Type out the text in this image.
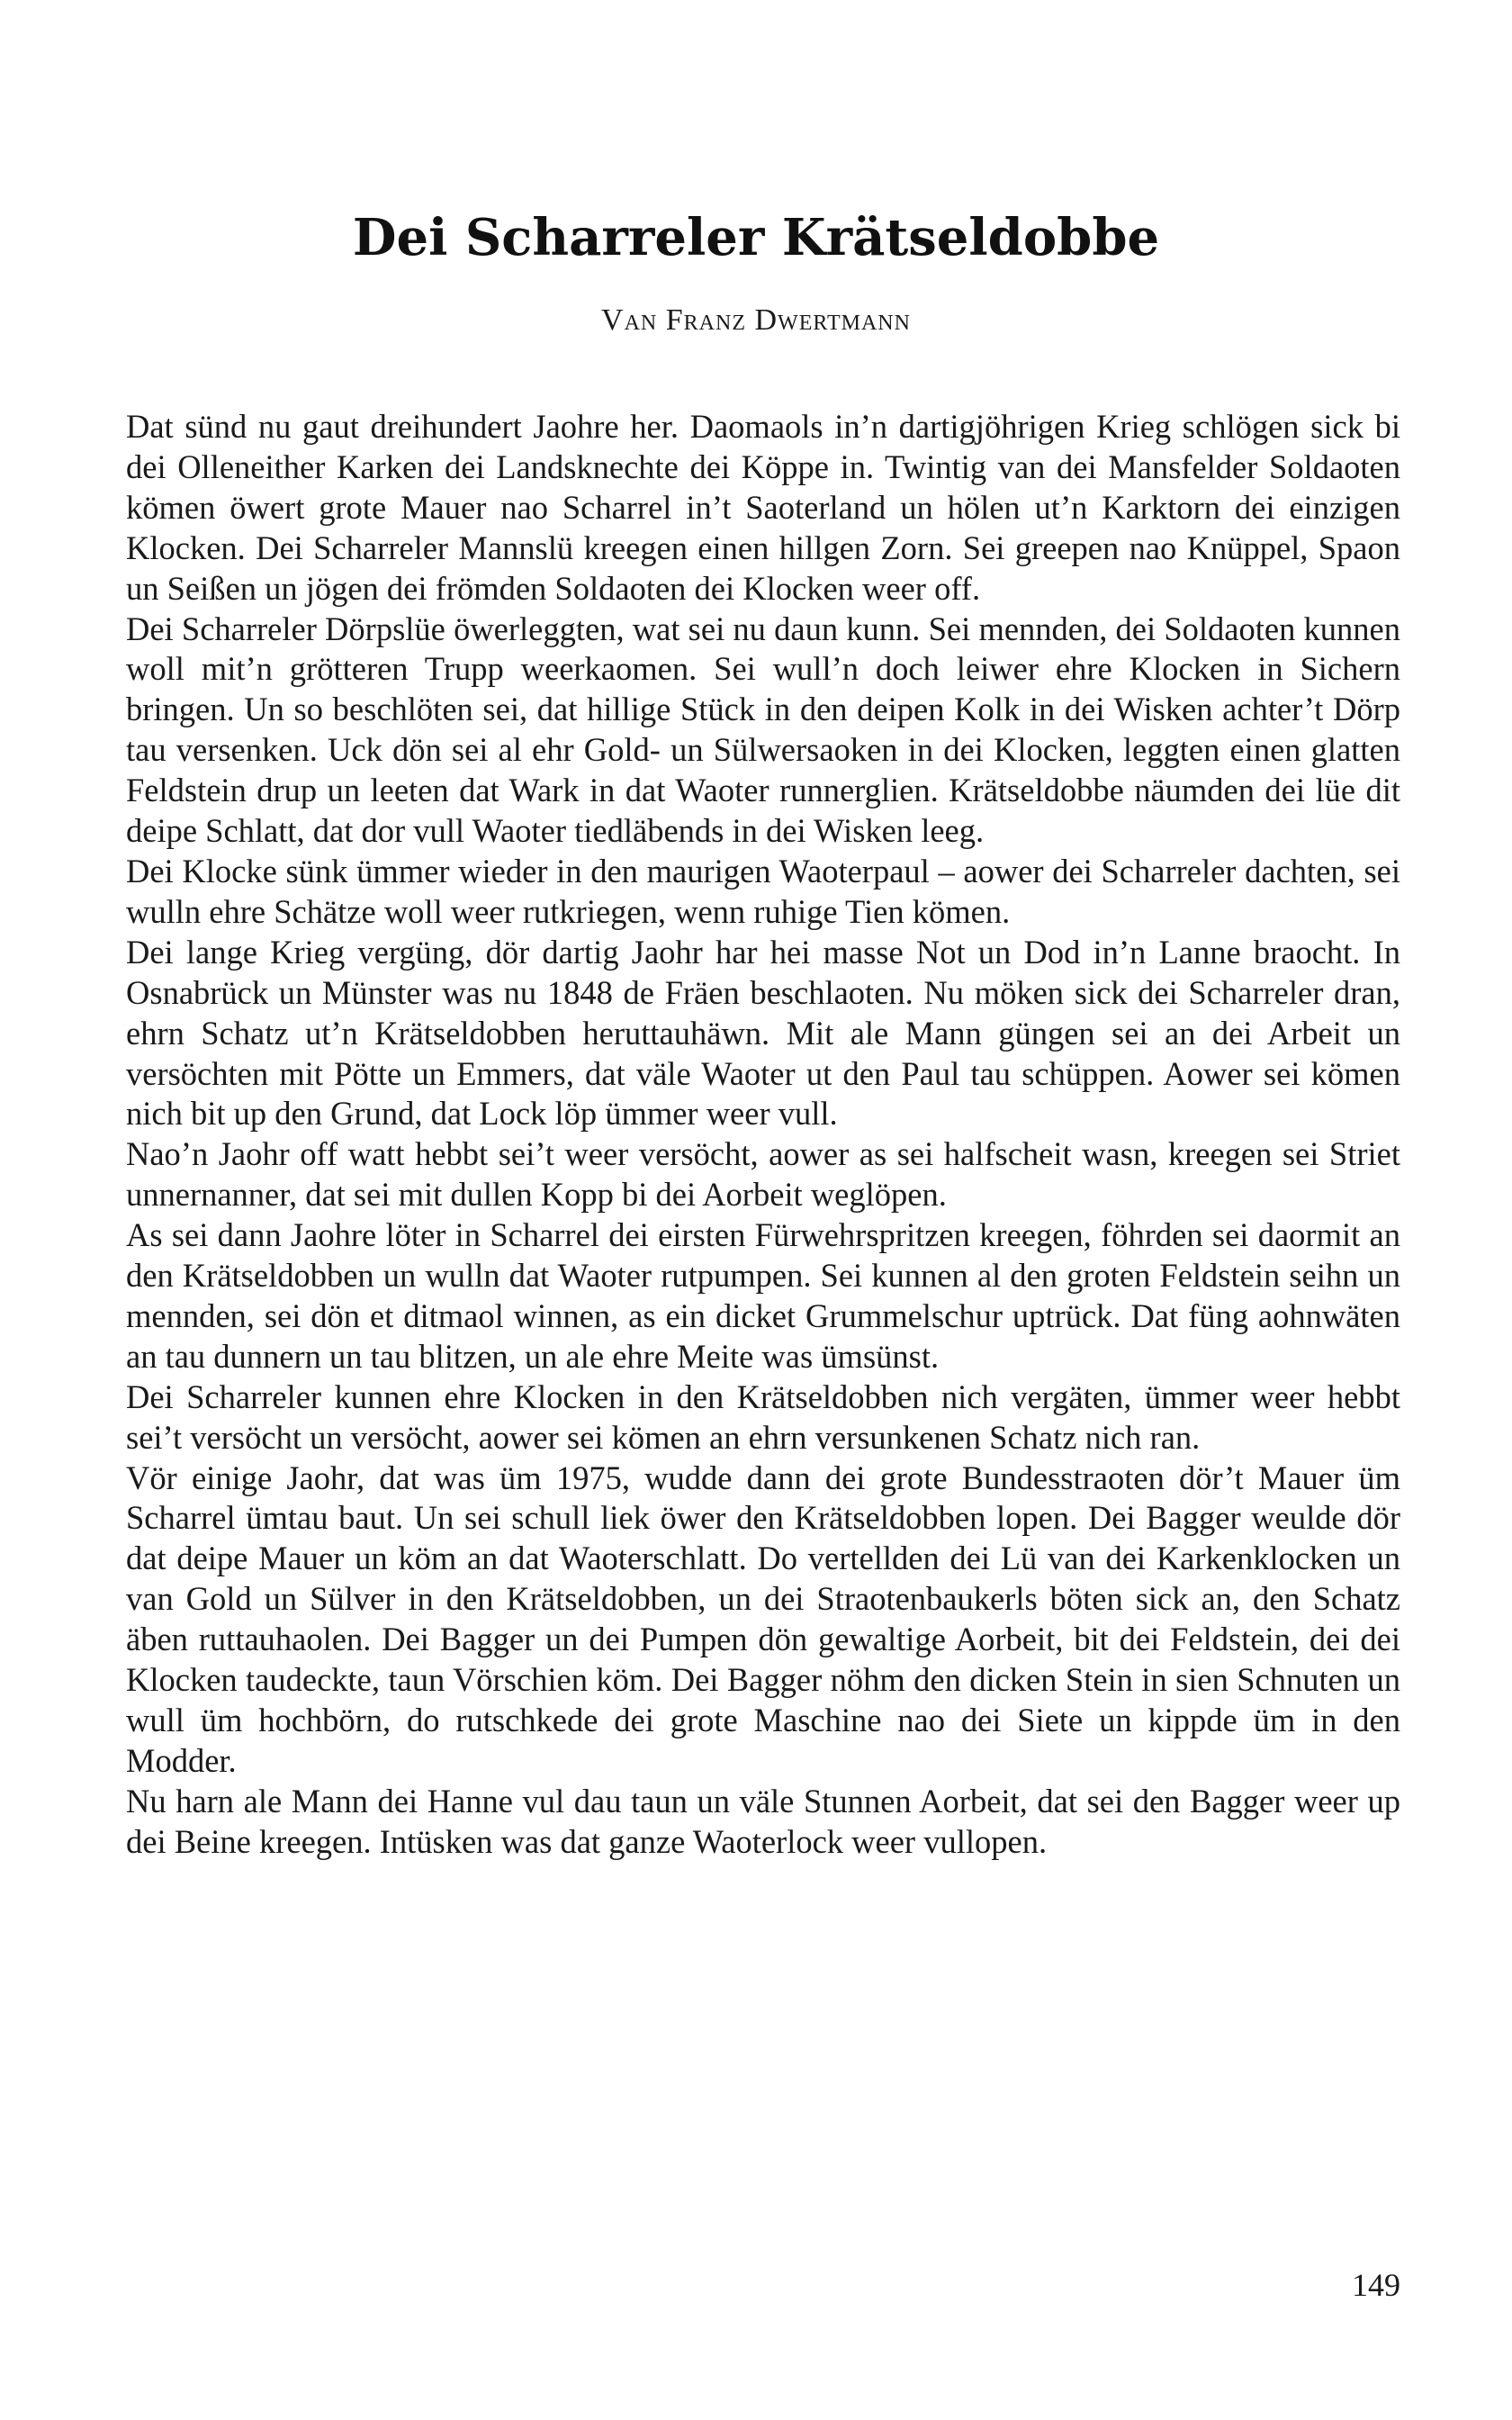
Dei Scharreler Krätseldobbe
Van Franz Dwertmann

Dat sünd nu gaut dreihundert Jaohre her. Daomaols in’n dartigjöhrigen Krieg schlögen sick bi dei Olleneither Karken dei Landsknechte dei Köppe in. Twintig van dei Mansfelder Soldaoten kömen öwert grote Mauer nao Scharrel in’t Saoterland un hölen ut’n Karktorn dei einzigen Klocken. Dei Scharreler Mannslü kreegen einen hillgen Zorn. Sei greepen nao Knüppel, Spaon un Seißen un jögen dei frömden Soldaoten dei Klocken weer off.

Dei Scharreler Dörpslüe öwerleggten, wat sei nu daun kunn. Sei mennden, dei Soldaoten kunnen woll mit’n grötteren Trupp weerkaomen. Sei wull’n doch leiwer ehre Klocken in Sichern bringen. Un so beschlöten sei, dat hillige Stück in den deipen Kolk in dei Wisken achter’t Dörp tau versenken. Uck dön sei al ehr Gold- un Sülwersaoken in dei Klocken, leggten einen glatten Feldstein drup un leeten dat Wark in dat Waoter runnerglien. Krätseldobbe näumden dei lüe dit deipe Schlatt, dat dor vull Waoter tiedläbends in dei Wisken leeg.

Dei Klocke sünk ümmer wieder in den maurigen Waoterpaul – aower dei Scharreler dachten, sei wulln ehre Schätze woll weer rutkriegen, wenn ruhige Tien kömen.

Dei lange Krieg vergüng, dör dartig Jaohr har hei masse Not un Dod in’n Lanne braocht. In Osnabrück un Münster was nu 1848 de Fräen beschlaoten. Nu möken sick dei Scharreler dran, ehrn Schatz ut’n Krätseldobben heruttauhäwn. Mit ale Mann güngen sei an dei Arbeit un versöchten mit Pötte un Emmers, dat väle Waoter ut den Paul tau schüppen. Aower sei kömen nich bit up den Grund, dat Lock löp ümmer weer vull.

Nao’n Jaohr off watt hebbt sei’t weer versöcht, aower as sei halfscheit wasn, kreegen sei Striet unnernanner, dat sei mit dullen Kopp bi dei Aorbeit weglöpen.

As sei dann Jaohre löter in Scharrel dei eirsten Fürwehrspritzen kreegen, föhrden sei daormit an den Krätseldobben un wulln dat Waoter rutpumpen. Sei kunnen al den groten Feldstein seihn un mennden, sei dön et ditmaol winnen, as ein dicket Grummelschur uptrück. Dat füng aohnwäten an tau dunnern un tau blitzen, un ale ehre Meite was ümsünst.

Dei Scharreler kunnen ehre Klocken in den Krätseldobben nich vergäten, ümmer weer hebbt sei’t versöcht un versöcht, aower sei kömen an ehrn versunkenen Schatz nich ran.

Vör einige Jaohr, dat was üm 1975, wudde dann dei grote Bundesstraoten dör’t Mauer üm Scharrel ümtau baut. Un sei schull liek öwer den Krätseldobben lopen. Dei Bagger weulde dör dat deipe Mauer un köm an dat Waoterschlatt. Do vertellden dei Lü van dei Karkenklocken un van Gold un Sülver in den Krätseldobben, un dei Straotenbaukerls böten sick an, den Schatz äben ruttauhaolen. Dei Bagger un dei Pumpen dön gewaltige Aorbeit, bit dei Feldstein, dei dei Klocken taudeckte, taun Vörschien köm. Dei Bagger nöhm den dicken Stein in sien Schnuten un wull üm hochbörn, do rutschkede dei grote Maschine nao dei Siete un kippde üm in den Modder.

Nu harn ale Mann dei Hanne vul dau taun un väle Stunnen Aorbeit, dat sei den Bagger weer up dei Beine kreegen. Intüsken was dat ganze Waoterlock weer vullopen.

149
